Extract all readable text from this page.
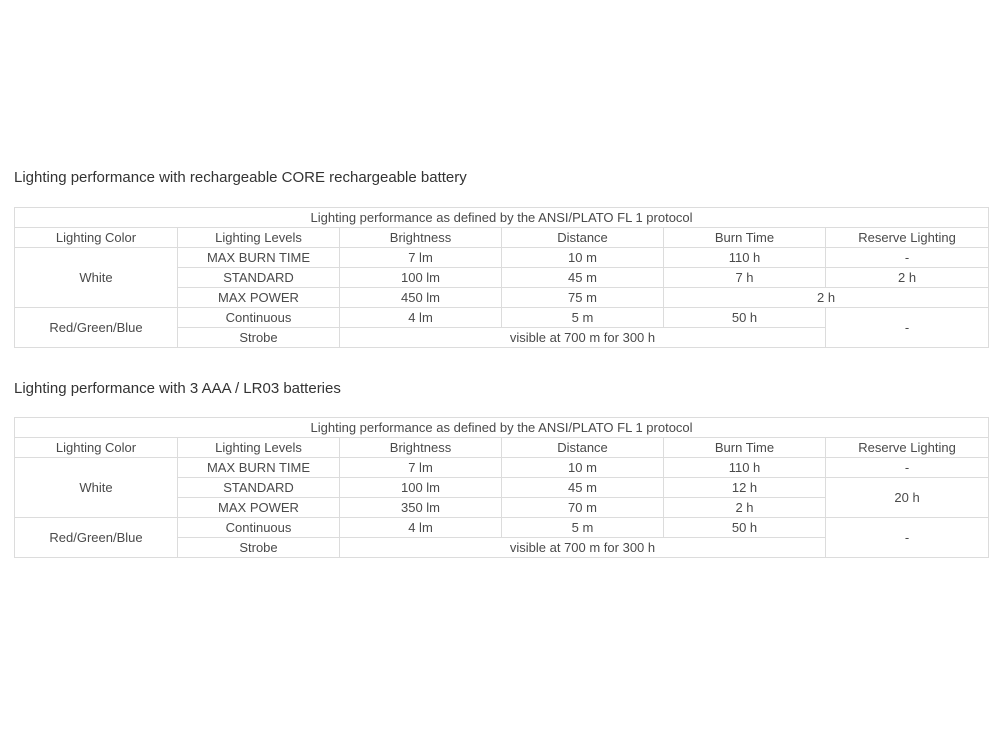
Lighting performance with rechargeable CORE rechargeable battery
Lighting performance as defined by the ANSI/PLATO FL 1 protocol					
Lighting Color	Lighting Levels	Brightness	Distance	Burn Time	Reserve Lighting
White	MAX BURN TIME	7 lm	10 m	110 h	-
	STANDARD	100 lm	45 m	7 h	2 h
	MAX POWER	450 lm	75 m	2 h	
Red/Green/Blue	Continuous	4 lm	5 m	50 h	-
	Strobe	visible at 700 m for 300 h			
Lighting performance with 3 AAA / LR03 batteries
Lighting performance as defined by the ANSI/PLATO FL 1 protocol					
Lighting Color	Lighting Levels	Brightness	Distance	Burn Time	Reserve Lighting
White	MAX BURN TIME	7 lm	10 m	110 h	-
	STANDARD	100 lm	45 m	12 h	20 h
	MAX POWER	350 lm	70 m	2 h	
Red/Green/Blue	Continuous	4 lm	5 m	50 h	-
	Strobe	visible at 700 m for 300 h			
